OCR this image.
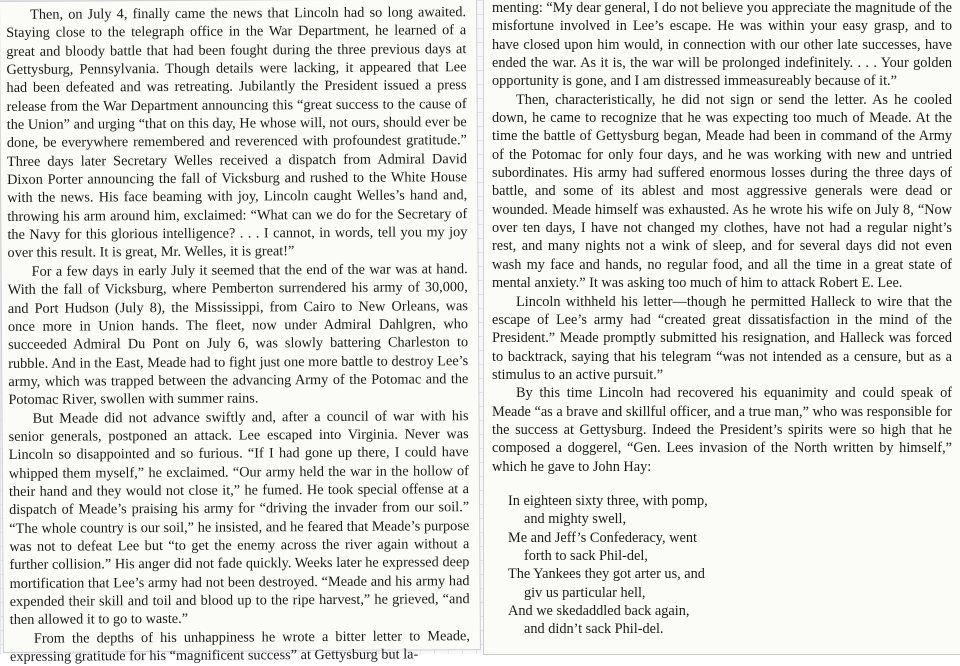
Then, on July 4, finally came the news that Lincoln had so long awaited. Staying close to the telegraph office in the War Department, he learned of a great and bloody battle that had been fought during the three previous days at Gettysburg, Pennsylvania. Though details were lacking, it appeared that Lee had been defeated and was retreating. Jubilantly the President issued a press release from the War Department announcing this “great success to the cause of the Union” and urging “that on this day, He whose will, not ours, should ever be done, be everywhere remembered and reverenced with profoundest gratitude.” Three days later Secretary Welles received a dispatch from Admiral David Dixon Porter announcing the fall of Vicksburg and rushed to the White House with the news. His face beaming with joy, Lincoln caught Welles’s hand and, throwing his arm around him, exclaimed: “What can we do for the Secretary of the Navy for this glorious intelligence? . . . I cannot, in words, tell you my joy over this result. It is great, Mr. Welles, it is great!”

For a few days in early July it seemed that the end of the war was at hand. With the fall of Vicksburg, where Pemberton surrendered his army of 30,000, and Port Hudson (July 8), the Mississippi, from Cairo to New Orleans, was once more in Union hands. The fleet, now under Admiral Dahlgren, who succeeded Admiral Du Pont on July 6, was slowly battering Charleston to rubble. And in the East, Meade had to fight just one more battle to destroy Lee’s army, which was trapped between the advancing Army of the Potomac and the Potomac River, swollen with summer rains.

But Meade did not advance swiftly and, after a council of war with his senior generals, postponed an attack. Lee escaped into Virginia. Never was Lincoln so disappointed and so furious. “If I had gone up there, I could have whipped them myself,” he exclaimed. “Our army held the war in the hollow of their hand and they would not close it,” he fumed. He took special offense at a dispatch of Meade’s praising his army for “driving the invader from our soil.” “The whole country is our soil,” he insisted, and he feared that Meade’s purpose was not to defeat Lee but “to get the enemy across the river again without a further collision.” His anger did not fade quickly. Weeks later he expressed deep mortification that Lee’s army had not been destroyed. “Meade and his army had expended their skill and toil and blood up to the ripe harvest,” he grieved, “and then allowed it to go to waste.”

From the depths of his unhappiness he wrote a bitter letter to Meade, expressing gratitude for his “magnificent success” at Gettysburg but la-

menting: “My dear general, I do not believe you appreciate the magnitude of the misfortune involved in Lee’s escape. He was within your easy grasp, and to have closed upon him would, in connection with our other late successes, have ended the war. As it is, the war will be prolonged indefinitely. . . . Your golden opportunity is gone, and I am distressed immeasureably because of it.”

Then, characteristically, he did not sign or send the letter. As he cooled down, he came to recognize that he was expecting too much of Meade. At the time the battle of Gettysburg began, Meade had been in command of the Army of the Potomac for only four days, and he was working with new and untried subordinates. His army had suffered enormous losses during the three days of battle, and some of its ablest and most aggressive generals were dead or wounded. Meade himself was exhausted. As he wrote his wife on July 8, “Now over ten days, I have not changed my clothes, have not had a regular night’s rest, and many nights not a wink of sleep, and for several days did not even wash my face and hands, no regular food, and all the time in a great state of mental anxiety.” It was asking too much of him to attack Robert E. Lee.

Lincoln withheld his letter—though he permitted Halleck to wire that the escape of Lee’s army had “created great dissatisfaction in the mind of the President.” Meade promptly submitted his resignation, and Halleck was forced to backtrack, saying that his telegram “was not intended as a censure, but as a stimulus to an active pursuit.”

By this time Lincoln had recovered his equanimity and could speak of Meade “as a brave and skillful officer, and a true man,” who was responsible for the success at Gettysburg. Indeed the President’s spirits were so high that he composed a doggerel, “Gen. Lees invasion of the North written by himself,” which he gave to John Hay:

In eighteen sixty three, with pomp,
and mighty swell,
Me and Jeff’s Confederacy, went
forth to sack Phil-del,
The Yankees they got arter us, and
giv us particular hell,
And we skedaddled back again,
and didn’t sack Phil-del.
